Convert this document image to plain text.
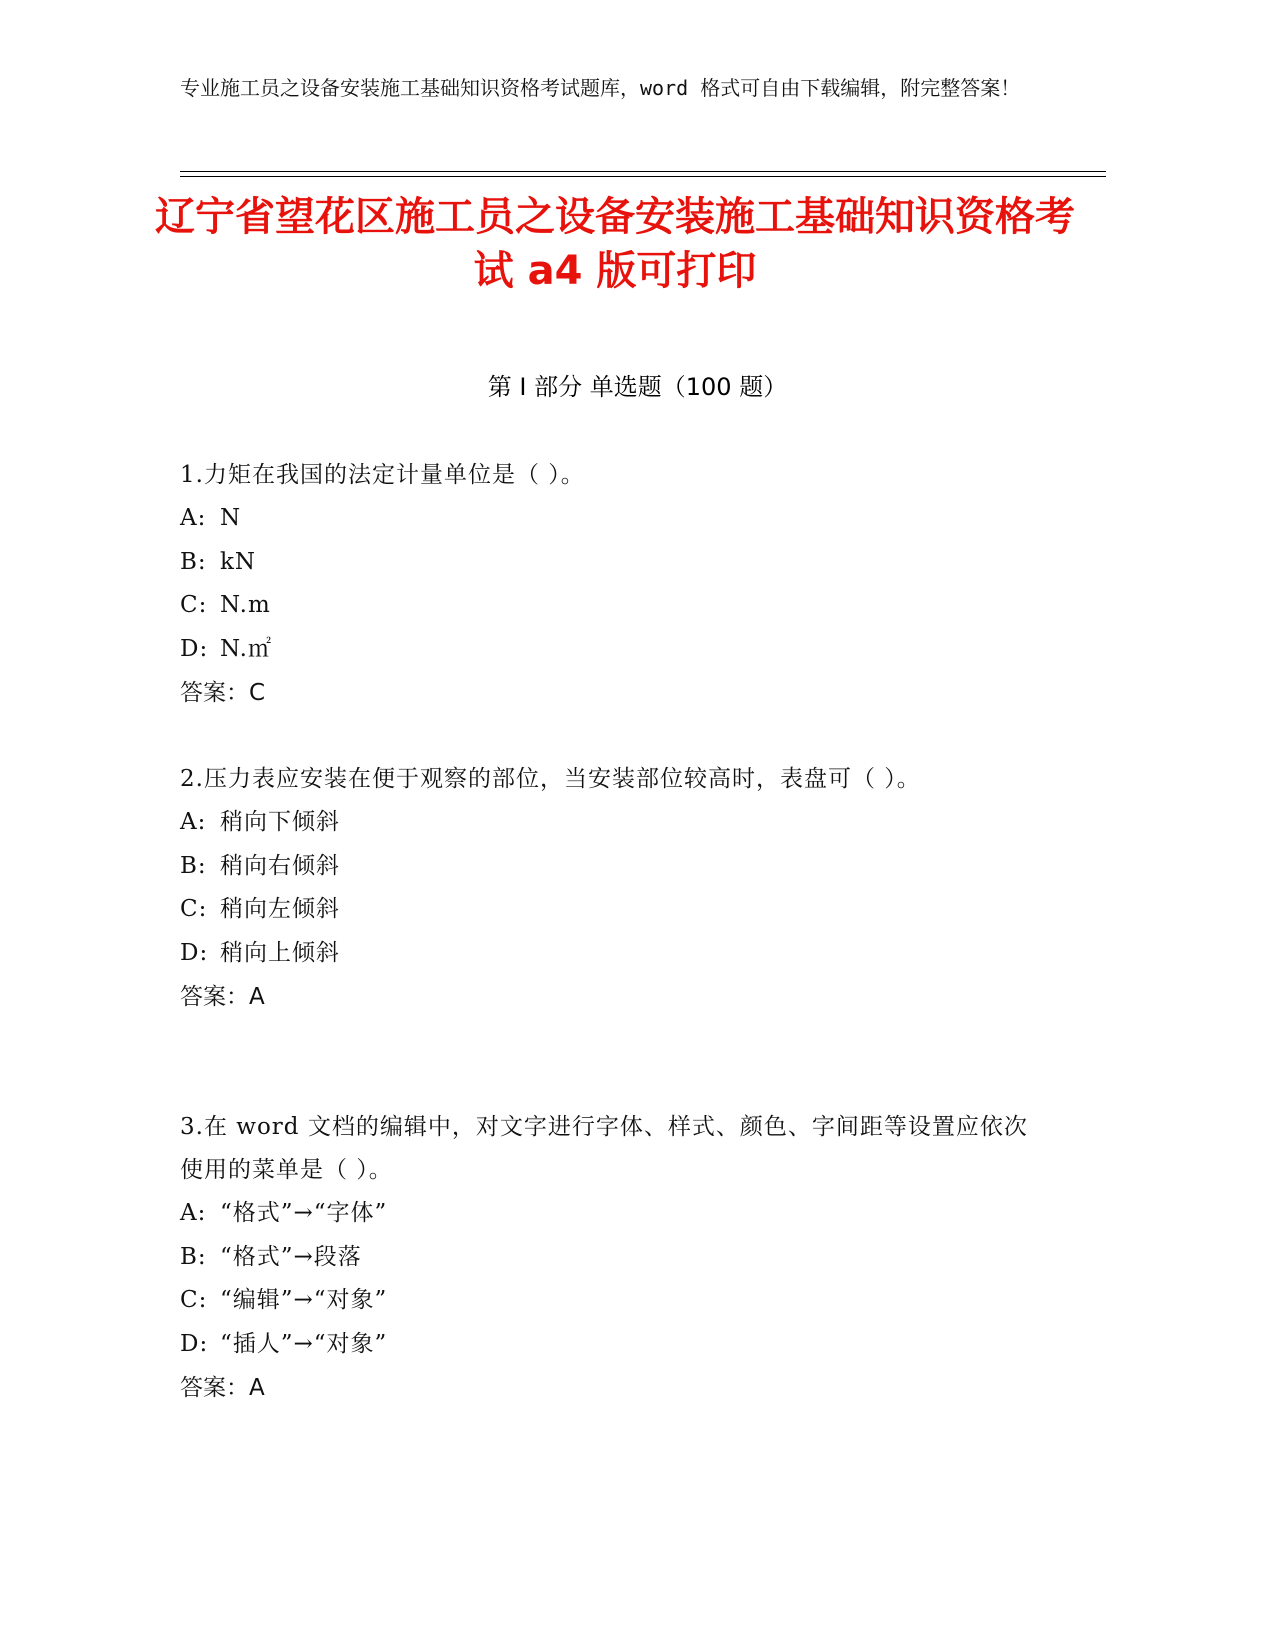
专业施工员之设备安装施工基础知识资格考试题库，word 格式可自由下载编辑，附完整答案！
辽宁省望花区施工员之设备安装施工基础知识资格考试 a4 版可打印
第 I 部分 单选题（100 题）
1.力矩在我国的法定计量单位是（ ）。
A: N
B: kN
C: N.m
D: N.㎡
答案：C
2.压力表应安装在便于观察的部位，当安装部位较高时，表盘可（ ）。
A: 稍向下倾斜
B: 稍向右倾斜
C: 稍向左倾斜
D: 稍向上倾斜
答案：A
3.在 word 文档的编辑中，对文字进行字体、样式、颜色、字间距等设置应依次使用的菜单是（ ）。
A: “格式”→“字体”
B: “格式”→段落
C: “编辑”→“对象”
D: “插人”→“对象”
答案：A
